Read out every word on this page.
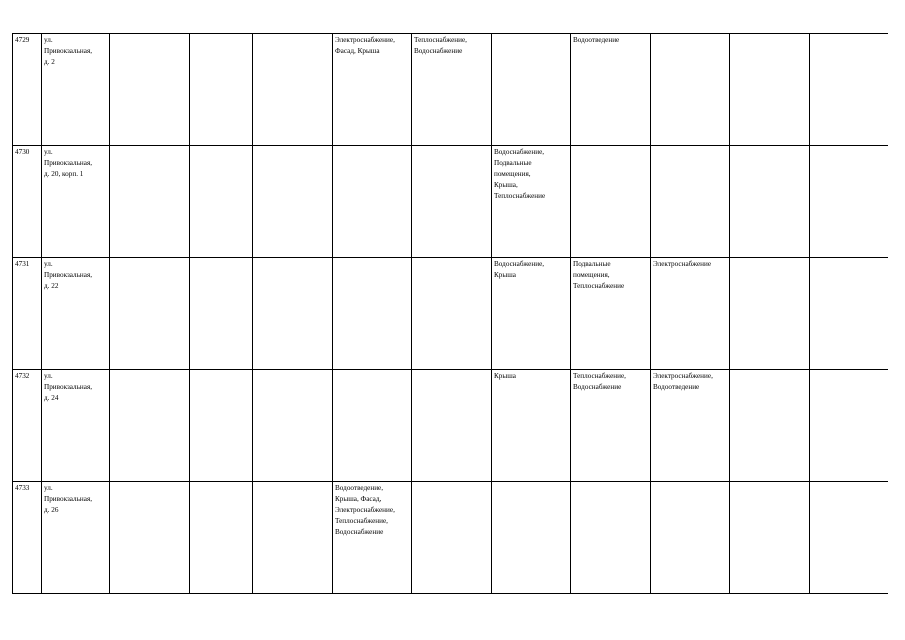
4729	ул.
Привокзальная,
д. 2				Электроснабжение,
Фасад, Крыша	Теплоснабжение,
Водоснабжение		Водоотведение			
4730	ул.
Привокзальная,
д. 20, корп. 1						Водоснабжение,
Подвальные
помещения,
Крыша,
Теплоснабжение				
4731	ул.
Привокзальная,
д. 22						Водоснабжение,
Крыша	Подвальные
помещения,
Теплоснабжение	Электроснабжение		
4732	ул.
Привокзальная,
д. 24						Крыша	Теплоснабжение,
Водоснабжение	Электроснабжение,
Водоотведение		
4733	ул.
Привокзальная,
д. 26				Водоотведение,
Крыша, Фасад,
Электроснабжение,
Теплоснабжение,
Водоснабжение						
